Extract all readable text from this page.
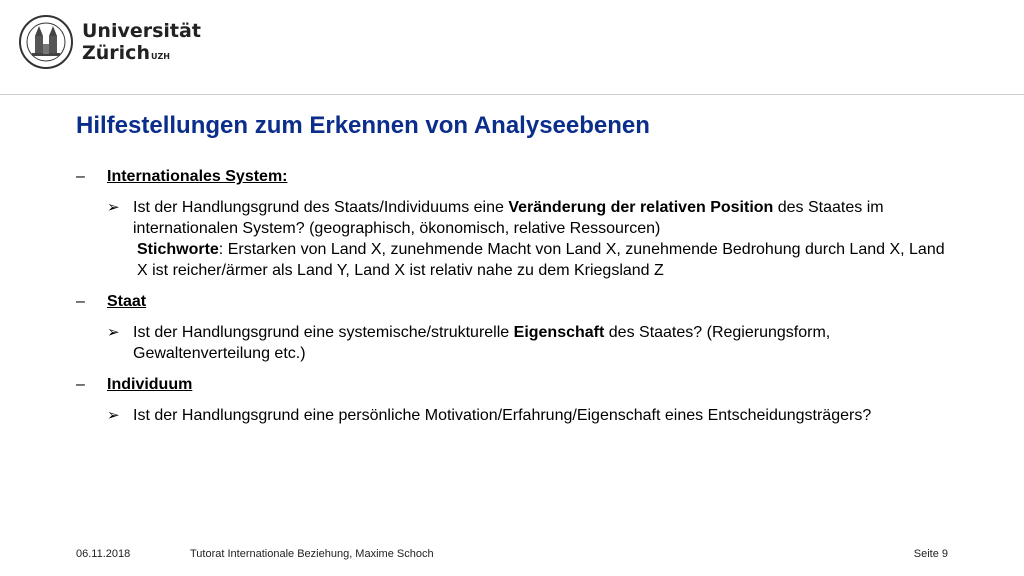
Universität
Zürich$^{UZH}$
Hilfestellungen zum Erkennen von Analyseebenen
– Internationales System:
➢ Ist der Handlungsgrund des Staats/Individuums eine Veränderung der relativen Position des Staates im internationalen System? (geographisch, ökonomisch, relative Ressourcen)
Stichworte: Erstarken von Land X, zunehmende Macht von Land X, zunehmende Bedrohung durch Land X, Land X ist reicher/ärmer als Land Y, Land X ist relativ nahe zu dem Kriegsland Z
– Staat
➢ Ist der Handlungsgrund eine systemische/strukturelle Eigenschaft des Staates? (Regierungsform, Gewaltenverteilung etc.)
– Individuum
➢ Ist der Handlungsgrund eine persönliche Motivation/Erfahrung/Eigenschaft eines Entscheidungsträgers?
06.11.2018	Tutorat Internationale Beziehung, Maxime Schoch	Seite 9
